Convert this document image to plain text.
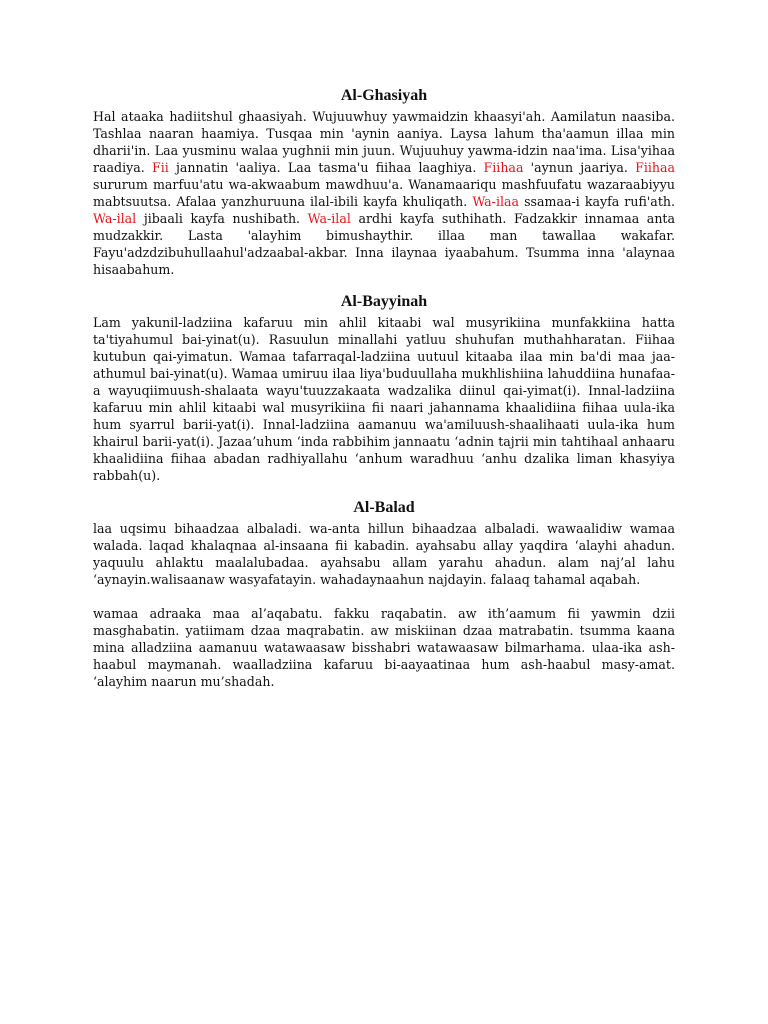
Al-Ghasiyah

Hal ataaka hadiitshul ghaasiyah. Wujuuwhuy yawmaidzin khaasyi'ah. Aamilatun naasiba. Tashlaa naaran haamiya. Tusqaa min 'aynin aaniya. Laysa lahum tha'aamun illaa min dharii'in. Laa yusminu walaa yughnii min juun. Wujuuhuy yawma-idzin naa'ima. Lisa'yihaa raadiya. Fii jannatin 'aaliya. Laa tasma'u fiihaa laaghiya. Fiihaa 'aynun jaariya. Fiihaa sururum marfuu'atu wa-akwaabum mawdhuu'a. Wanamaariqu mashfuufatu wazaraabiyyu mabtsuutsa. Afalaa yanzhuruuna ilal-ibili kayfa khuliqath. Wa-ilaa ssamaa-i kayfa rufi'ath. Wa-ilal jibaali kayfa nushibath. Wa-ilal ardhi kayfa suthihath. Fadzakkir innamaa anta mudzakkir. Lasta 'alayhim bimushaythir. illaa man tawallaa wakafar. Fayu'adzdzibuhullaahul'adzaabal-akbar. Inna ilaynaa iyaabahum. Tsumma inna 'alaynaa hisaabahum.

Al-Bayyinah

Lam yakunil-ladziina kafaruu min ahlil kitaabi wal musyrikiina munfakkiina hatta ta'tiyahumul bai-yinat(u). Rasuulun minallahi yatluu shuhufan muthahharatan. Fiihaa kutubun qai-yimatun. Wamaa tafarraqal-ladziina uutuul kitaaba ilaa min ba'di maa jaa-athumul bai-yinat(u). Wamaa umiruu ilaa liya'buduullaha mukhlishiina lahuddiina hunafaa-a wayuqiimuush-shalaata wayu'tuuzzakaata wadzalika diinul qai-yimat(i). Innal-ladziina kafaruu min ahlil kitaabi wal musyrikiina fii naari jahannama khaalidiina fiihaa uula-ika hum syarrul barii-yat(i). Innal-ladziina aamanuu wa'amiluush-shaalihaati uula-ika hum khairul barii-yat(i). Jazaa’uhum ‘inda rabbihim jannaatu ‘adnin tajrii min tahtihaal anhaaru khaalidiina fiihaa abadan radhiyallahu ‘anhum waradhuu ‘anhu dzalika liman khasyiya rabbah(u).

Al-Balad

laa uqsimu bihaadzaa albaladi. wa-anta hillun bihaadzaa albaladi. wawaalidiw wamaa walada. laqad khalaqnaa al-insaana fii kabadin. ayahsabu allay yaqdira ‘alayhi ahadun. yaquulu ahlaktu maalalubadaa. ayahsabu allam yarahu ahadun. alam naj’al lahu ‘aynayin.walisaanaw wasyafatayin. wahadaynaahun najdayin. falaaq tahamal aqabah.

wamaa adraaka maa al’aqabatu. fakku raqabatin. aw ith’aamum fii yawmin dzii masghabatin. yatiimam dzaa maqrabatin. aw miskiinan dzaa matrabatin. tsumma kaana mina alladziina aamanuu watawaasaw bisshabri watawaasaw bilmarhama. ulaa-ika ash-haabul maymanah. waalladziina kafaruu bi-aayaatinaa hum ash-haabul masy-amat. ‘alayhim naarun mu’shadah.
